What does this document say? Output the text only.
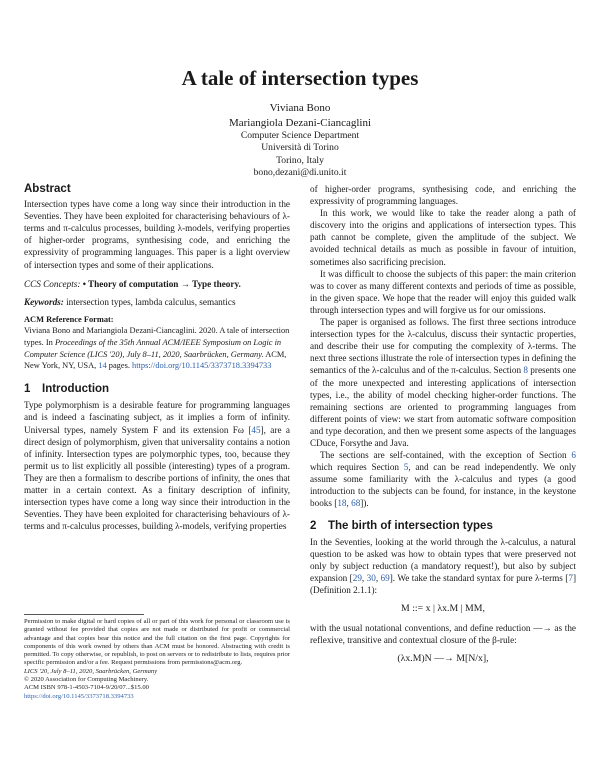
A tale of intersection types
Viviana Bono
Mariangiola Dezani-Ciancaglini
Computer Science Department
Università di Torino
Torino, Italy
bono,dezani@di.unito.it
Abstract

Intersection types have come a long way since their introduction in the Seventies. They have been exploited for characterising behaviours of λ-terms and π-calculus processes, building λ-models, verifying properties of higher-order programs, synthesising code, and enriching the expressivity of programming languages. This paper is a light overview of intersection types and some of their applications.

CCS Concepts: • Theory of computation → Type theory.

Keywords: intersection types, lambda calculus, semantics

ACM Reference Format:

Viviana Bono and Mariangiola Dezani-Ciancaglini. 2020. A tale of intersection types. In Proceedings of the 35th Annual ACM/IEEE Symposium on Logic in Computer Science (LICS '20), July 8–11, 2020, Saarbrücken, Germany. ACM, New York, NY, USA, 14 pages. https://doi.org/10.1145/3373718.3394733

1 Introduction

Type polymorphism is a desirable feature for programming languages and is indeed a fascinating subject, as it implies a form of infinity. Universal types, namely System F and its extension Fω [45], are a direct design of polymorphism, given that universality contains a notion of infinity. Intersection types are polymorphic types, too, because they permit us to list explicitly all possible (interesting) types of a program. They are then a formalism to describe portions of infinity, the ones that matter in a certain context. As a finitary description of infinity, intersection types have come a long way since their introduction in the Seventies. They have been exploited for characterising behaviours of λ-terms and π-calculus processes, building λ-models, verifying properties

Permission to make digital or hard copies of all or part of this work for personal or classroom use is granted without fee provided that copies are not made or distributed for profit or commercial advantage and that copies bear this notice and the full citation on the first page. Copyrights for components of this work owned by others than ACM must be honored. Abstracting with credit is permitted. To copy otherwise, or republish, to post on servers or to redistribute to lists, requires prior specific permission and/or a fee. Request permissions from permissions@acm.org.

LICS '20, July 8–11, 2020, Saarbrücken, Germany

© 2020 Association for Computing Machinery.

ACM ISBN 978-1-4503-7104-9/20/07...$15.00

https://doi.org/10.1145/3373718.3394733

of higher-order programs, synthesising code, and enriching the expressivity of programming languages.

In this work, we would like to take the reader along a path of discovery into the origins and applications of intersection types. This path cannot be complete, given the amplitude of the subject. We avoided technical details as much as possible in favour of intuition, sometimes also sacrificing precision.

It was difficult to choose the subjects of this paper: the main criterion was to cover as many different contexts and periods of time as possible, in the given space. We hope that the reader will enjoy this guided walk through intersection types and will forgive us for our omissions.

The paper is organised as follows. The first three sections introduce intersection types for the λ-calculus, discuss their syntactic properties, and describe their use for computing the complexity of λ-terms. The next three sections illustrate the role of intersection types in defining the semantics of the λ-calculus and of the π-calculus. Section 8 presents one of the more unexpected and interesting applications of intersection types, i.e., the ability of model checking higher-order functions. The remaining sections are oriented to programming languages from different points of view: we start from automatic software composition and type decoration, and then we present some aspects of the languages CDuce, Forsythe and Java.

The sections are self-contained, with the exception of Section 6 which requires Section 5, and can be read independently. We only assume some familiarity with the λ-calculus and types (a good introduction to the subjects can be found, for instance, in the keystone books [18, 68]).

2 The birth of intersection types

In the Seventies, looking at the world through the λ-calculus, a natural question to be asked was how to obtain types that were preserved not only by subject reduction (a mandatory request!), but also by subject expansion [29, 30, 69]. We take the standard syntax for pure λ-terms [7] (Definition 2.1.1):

M ::= x | λx.M | MM,

with the usual notational conventions, and define reduction —→ as the reflexive, transitive and contextual closure of the β-rule:

(λx.M)N —→ M[N/x],
